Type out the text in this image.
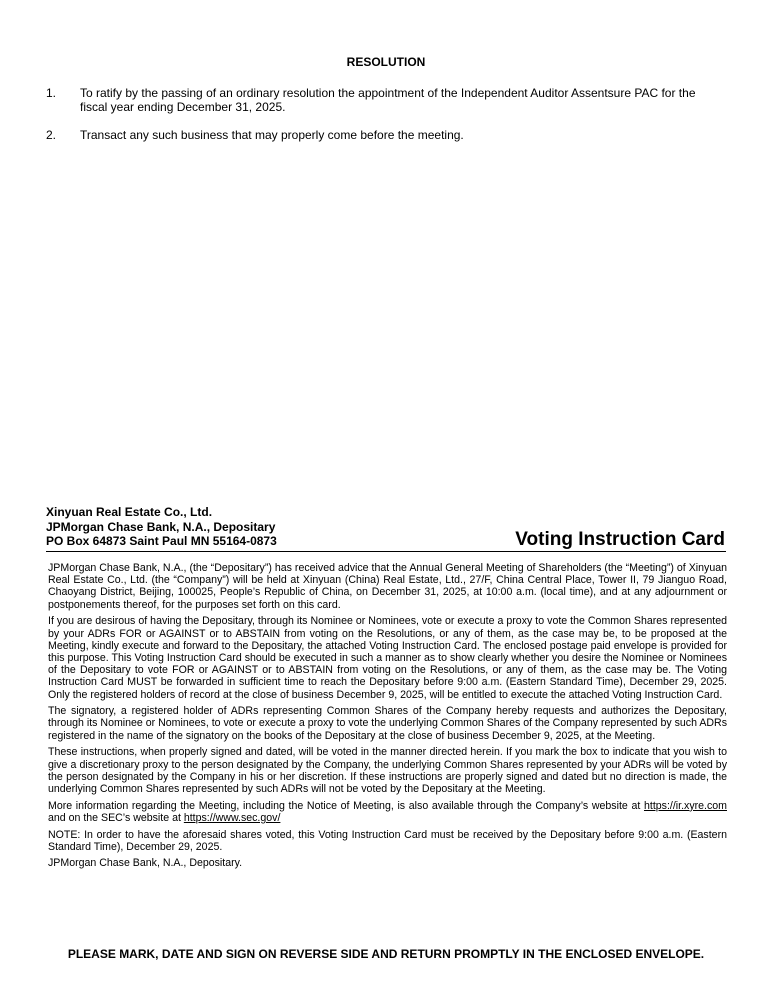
RESOLUTION
1. To ratify by the passing of an ordinary resolution the appointment of the Independent Auditor Assentsure PAC for the fiscal year ending December 31, 2025.
2. Transact any such business that may properly come before the meeting.
Xinyuan Real Estate Co., Ltd.
JPMorgan Chase Bank, N.A., Depositary
PO Box 64873 Saint Paul MN 55164-0873	Voting Instruction Card

JPMorgan Chase Bank, N.A., (the “Depositary”) has received advice that the Annual General Meeting of Shareholders (the “Meeting”) of Xinyuan Real Estate Co., Ltd. (the “Company”) will be held at Xinyuan (China) Real Estate, Ltd., 27/F, China Central Place, Tower II, 79 Jianguo Road, Chaoyang District, Beijing, 100025, People’s Republic of China, on December 31, 2025, at 10:00 a.m. (local time), and at any adjournment or postponements thereof, for the purposes set forth on this card.

If you are desirous of having the Depositary, through its Nominee or Nominees, vote or execute a proxy to vote the Common Shares represented by your ADRs FOR or AGAINST or to ABSTAIN from voting on the Resolutions, or any of them, as the case may be, to be proposed at the Meeting, kindly execute and forward to the Depositary, the attached Voting Instruction Card. The enclosed postage paid envelope is provided for this purpose. This Voting Instruction Card should be executed in such a manner as to show clearly whether you desire the Nominee or Nominees of the Depositary to vote FOR or AGAINST or to ABSTAIN from voting on the Resolutions, or any of them, as the case may be. The Voting Instruction Card MUST be forwarded in sufficient time to reach the Depositary before 9:00 a.m. (Eastern Standard Time), December 29, 2025. Only the registered holders of record at the close of business December 9, 2025, will be entitled to execute the attached Voting Instruction Card.

The signatory, a registered holder of ADRs representing Common Shares of the Company hereby requests and authorizes the Depositary, through its Nominee or Nominees, to vote or execute a proxy to vote the underlying Common Shares of the Company represented by such ADRs registered in the name of the signatory on the books of the Depositary at the close of business December 9, 2025, at the Meeting.

These instructions, when properly signed and dated, will be voted in the manner directed herein. If you mark the box to indicate that you wish to give a discretionary proxy to the person designated by the Company, the underlying Common Shares represented by your ADRs will be voted by the person designated by the Company in his or her discretion. If these instructions are properly signed and dated but no direction is made, the underlying Common Shares represented by such ADRs will not be voted by the Depositary at the Meeting.

More information regarding the Meeting, including the Notice of Meeting, is also available through the Company’s website at https://ir.xyre.com and on the SEC’s website at https://www.sec.gov/

NOTE: In order to have the aforesaid shares voted, this Voting Instruction Card must be received by the Depositary before 9:00 a.m. (Eastern Standard Time), December 29, 2025.

JPMorgan Chase Bank, N.A., Depositary.

PLEASE MARK, DATE AND SIGN ON REVERSE SIDE AND RETURN PROMPTLY IN THE ENCLOSED ENVELOPE.
